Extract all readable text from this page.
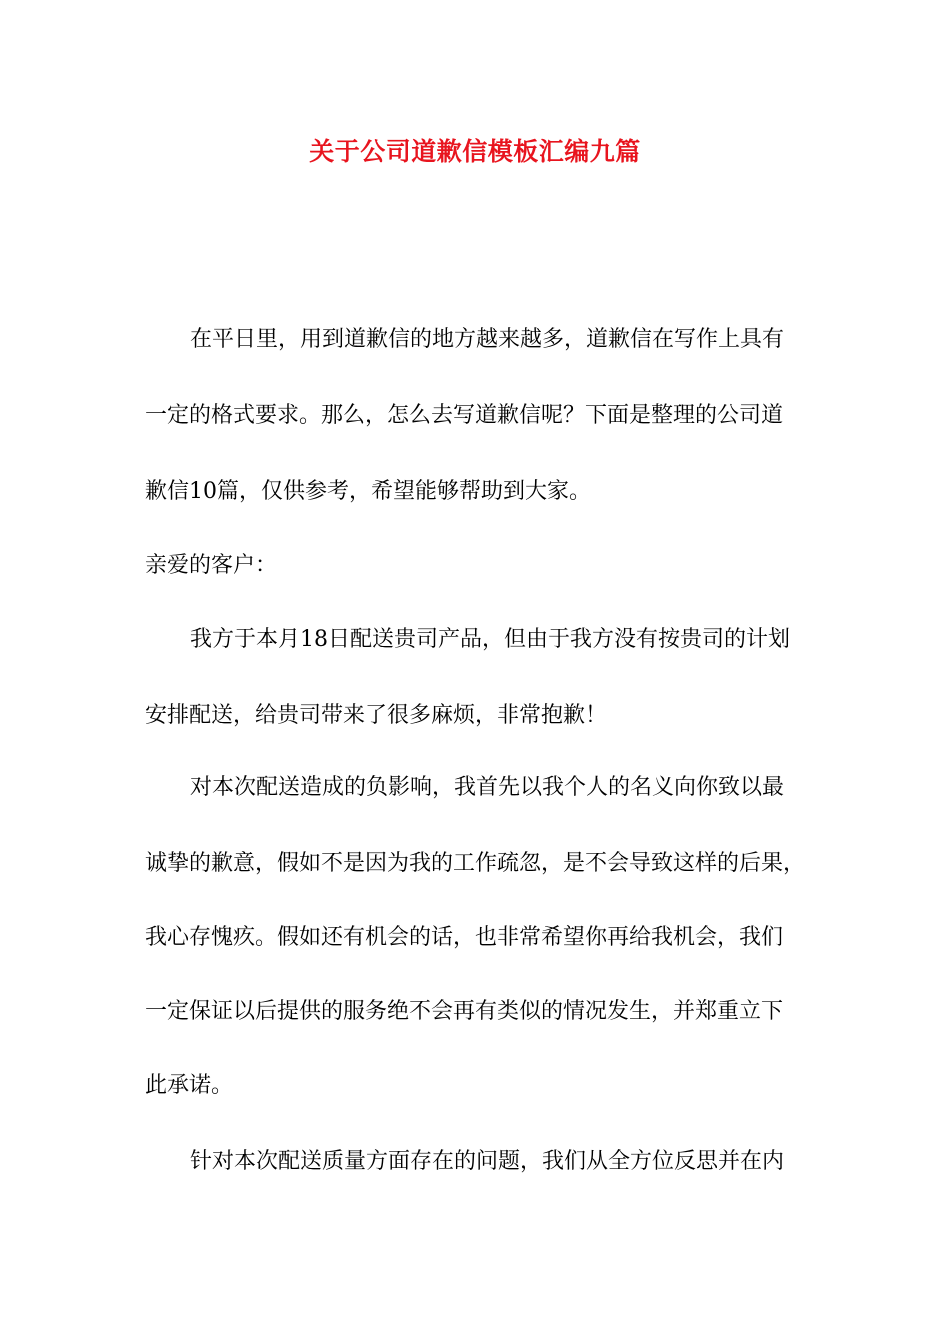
关于公司道歉信模板汇编九篇
在平日里，用到道歉信的地方越来越多，道歉信在写作上具有
一定的格式要求。那么，怎么去写道歉信呢？下面是整理的公司道
歉信10篇，仅供参考，希望能够帮助到大家。
亲爱的客户：
我方于本月18日配送贵司产品，但由于我方没有按贵司的计划
安排配送，给贵司带来了很多麻烦，非常抱歉！
对本次配送造成的负影响，我首先以我个人的名义向你致以最
诚挚的歉意，假如不是因为我的工作疏忽，是不会导致这样的后果，
我心存愧疚。假如还有机会的话，也非常希望你再给我机会，我们
一定保证以后提供的服务绝不会再有类似的情况发生，并郑重立下
此承诺。
针对本次配送质量方面存在的问题，我们从全方位反思并在内
